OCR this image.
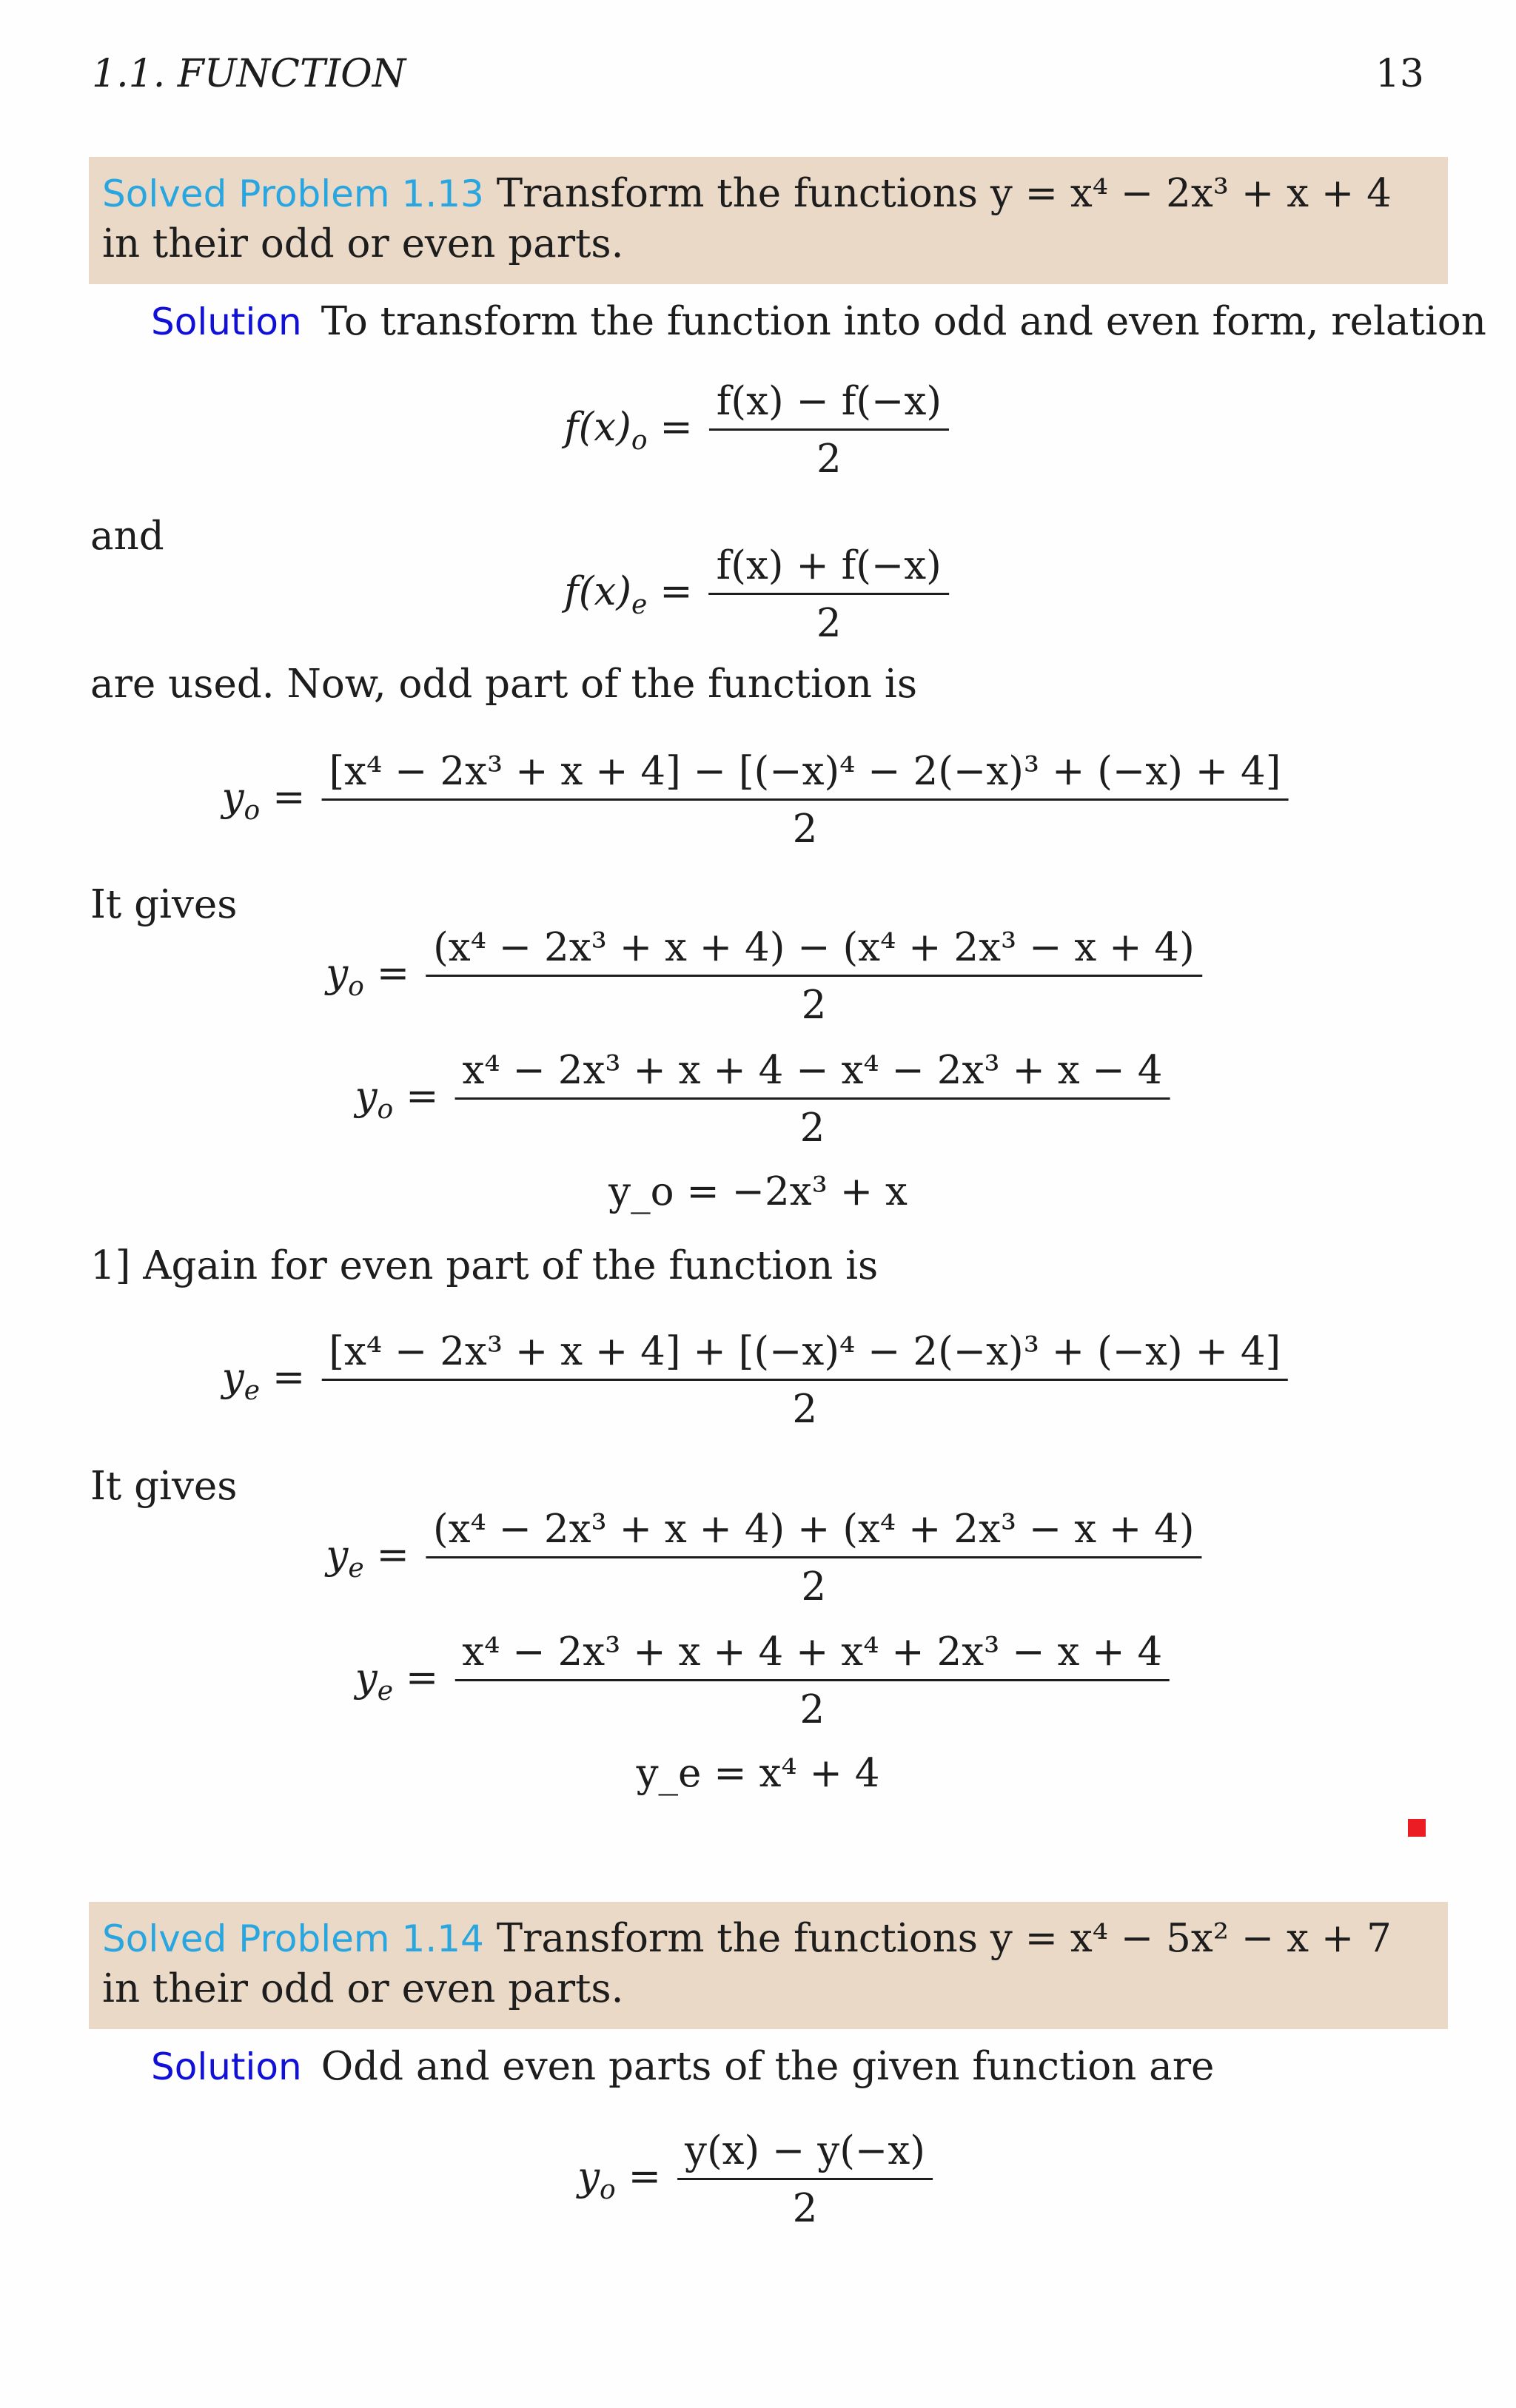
1.1. FUNCTION	13
Solved Problem 1.13 Transform the functions y = x⁴ − 2x³ + x + 4 in their odd or even parts.
Solution To transform the function into odd and even form, relation
$f(x)_o = \frac{f(x) - f(-x)}{2}$
and
$f(x)_e = \frac{f(x) + f(-x)}{2}$
are used. Now, odd part of the function is
$y_o = \frac{\text{[x⁴ − 2x³ + x + 4] − [(−x)⁴ − 2(−x)³ + (−x) + 4]}}{2}$
It gives
$y_o = \frac{\text{(x⁴ − 2x³ + x + 4) − (x⁴ + 2x³ − x + 4)}}{2}$
$y_o = \frac{\text{x⁴ − 2x³ + x + 4 − x⁴ − 2x³ + x − 4}}{2}$
y_o = −2x³ + x
1] Again for even part of the function is
$y_e = \frac{\text{[x⁴ − 2x³ + x + 4] + [(−x)⁴ − 2(−x)³ + (−x) + 4]}}{2}$
It gives
$y_e = \frac{\text{(x⁴ − 2x³ + x + 4) + (x⁴ + 2x³ − x + 4)}}{2}$
$y_e = \frac{\text{x⁴ − 2x³ + x + 4 + x⁴ + 2x³ − x + 4}}{2}$
y_e = x⁴ + 4
Solved Problem 1.14 Transform the functions y = x⁴ − 5x² − x + 7 in their odd or even parts.
Solution Odd and even parts of the given function are
$y_o = \frac{y(x) - y(-x)}{2}$
